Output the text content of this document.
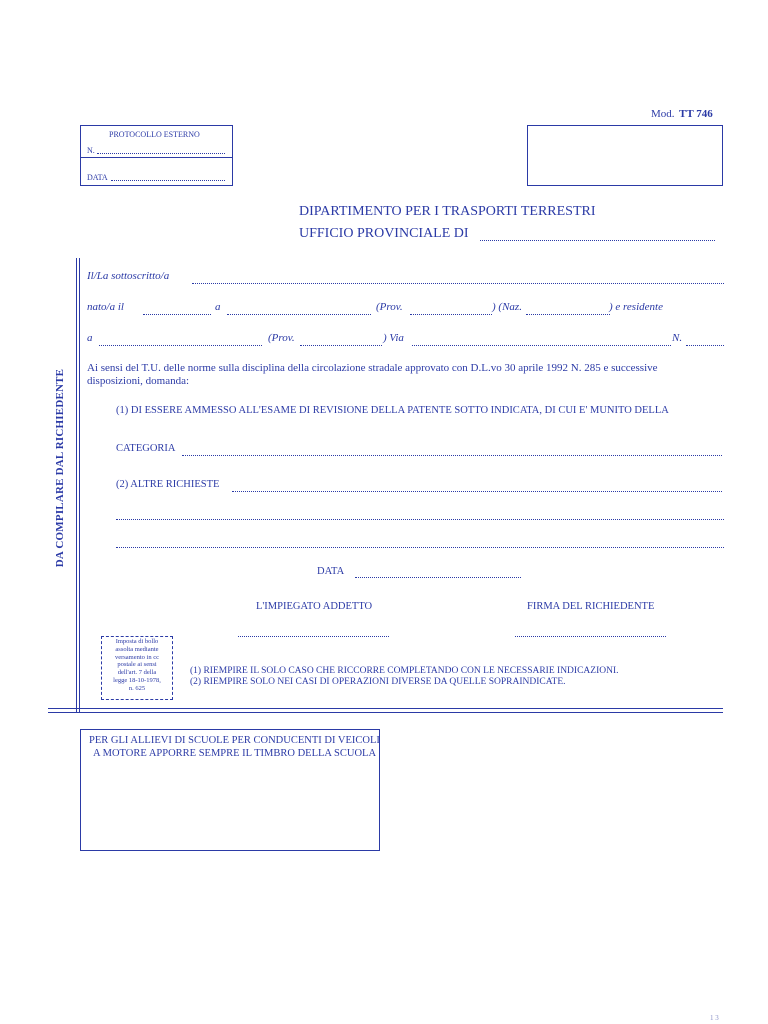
Mod. TT 746
PROTOCOLLO ESTERNO
N.
DATA
DIPARTIMENTO PER I TRASPORTI TERRESTRI
UFFICIO PROVINCIALE DI
DA COMPILARE DAL RICHIEDENTE
Il/La sottoscritto/a
nato/a il	a	(Prov.	) (Naz.	) e residente
a	(Prov.	) Via	N.
Ai sensi del T.U. delle norme sulla disciplina della circolazione stradale approvato con D.L.vo 30 aprile 1992 N. 285 e successive
disposizioni, domanda:
(1) DI ESSERE AMMESSO ALL'ESAME DI REVISIONE DELLA PATENTE SOTTO INDICATA, DI CUI E' MUNITO DELLA
CATEGORIA
(2) ALTRE RICHIESTE
DATA
L'IMPIEGATO ADDETTO	FIRMA DEL RICHIEDENTE
Imposta di bollo
assolta mediante
versamento in cc
postale ai sensi
dell'art. 7 della
legge 18-10-1978,
n. 625
(1) RIEMPIRE IL SOLO CASO CHE RICCORRE COMPLETANDO CON LE NECESSARIE INDICAZIONI.
(2) RIEMPIRE SOLO NEI CASI DI OPERAZIONI DIVERSE DA QUELLE SOPRAINDICATE.
PER GLI ALLIEVI DI SCUOLE PER CONDUCENTI DI VEICOLI
A MOTORE APPORRE SEMPRE IL TIMBRO DELLA SCUOLA
1 3
